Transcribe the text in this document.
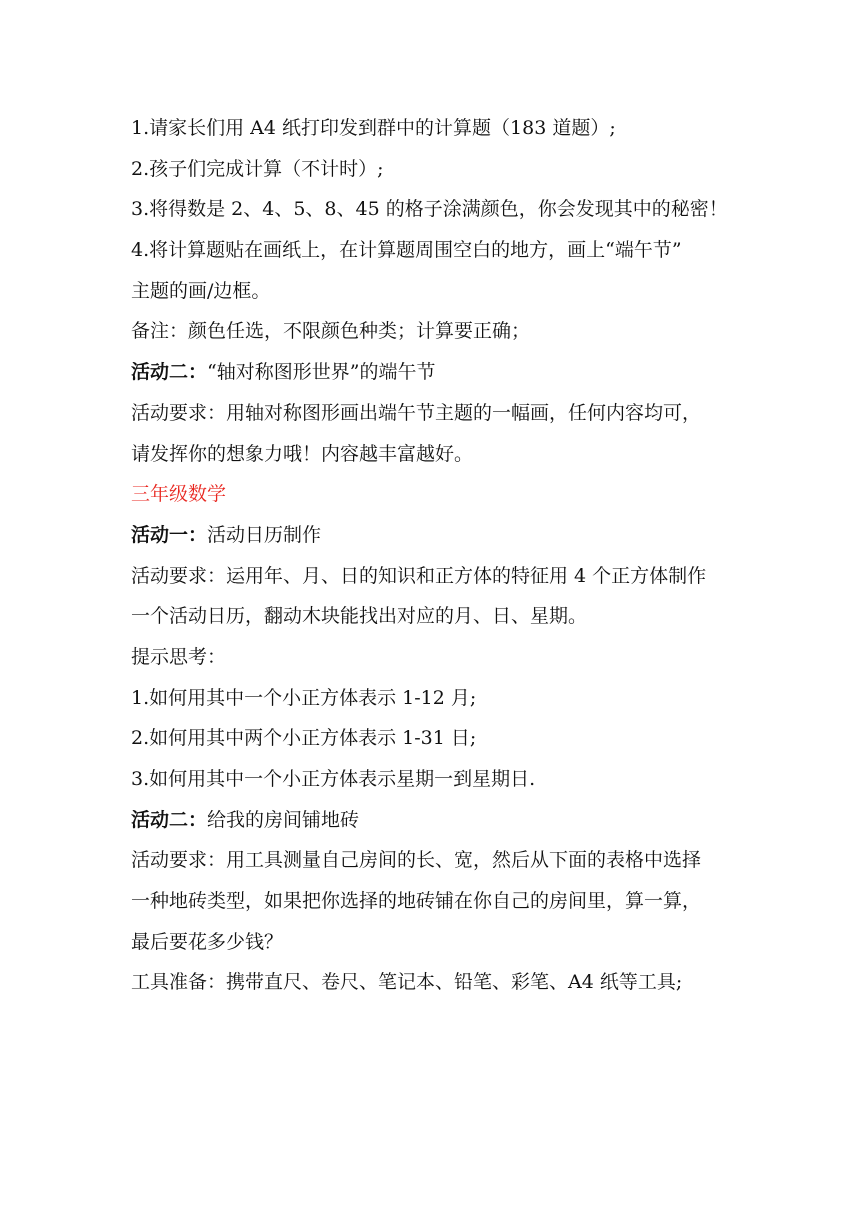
1.请家长们用 A4 纸打印发到群中的计算题（183 道题）;
2.孩子们完成计算（不计时）;
3.将得数是 2、4、5、8、45 的格子涂满颜色，你会发现其中的秘密！
4.将计算题贴在画纸上，在计算题周围空白的地方，画上“端午节”
主题的画/边框。
备注：颜色任选，不限颜色种类；计算要正确；
活动二：“轴对称图形世界”的端午节
活动要求：用轴对称图形画出端午节主题的一幅画，任何内容均可，
请发挥你的想象力哦！内容越丰富越好。
三年级数学
活动一：活动日历制作
活动要求：运用年、月、日的知识和正方体的特征用 4 个正方体制作
一个活动日历，翻动木块能找出对应的月、日、星期。
提示思考：
1.如何用其中一个小正方体表示 1-12 月;
2.如何用其中两个小正方体表示 1-31 日;
3.如何用其中一个小正方体表示星期一到星期日.
活动二：给我的房间铺地砖
活动要求：用工具测量自己房间的长、宽，然后从下面的表格中选择
一种地砖类型，如果把你选择的地砖铺在你自己的房间里，算一算，
最后要花多少钱？
工具准备：携带直尺、卷尺、笔记本、铅笔、彩笔、A4 纸等工具;
